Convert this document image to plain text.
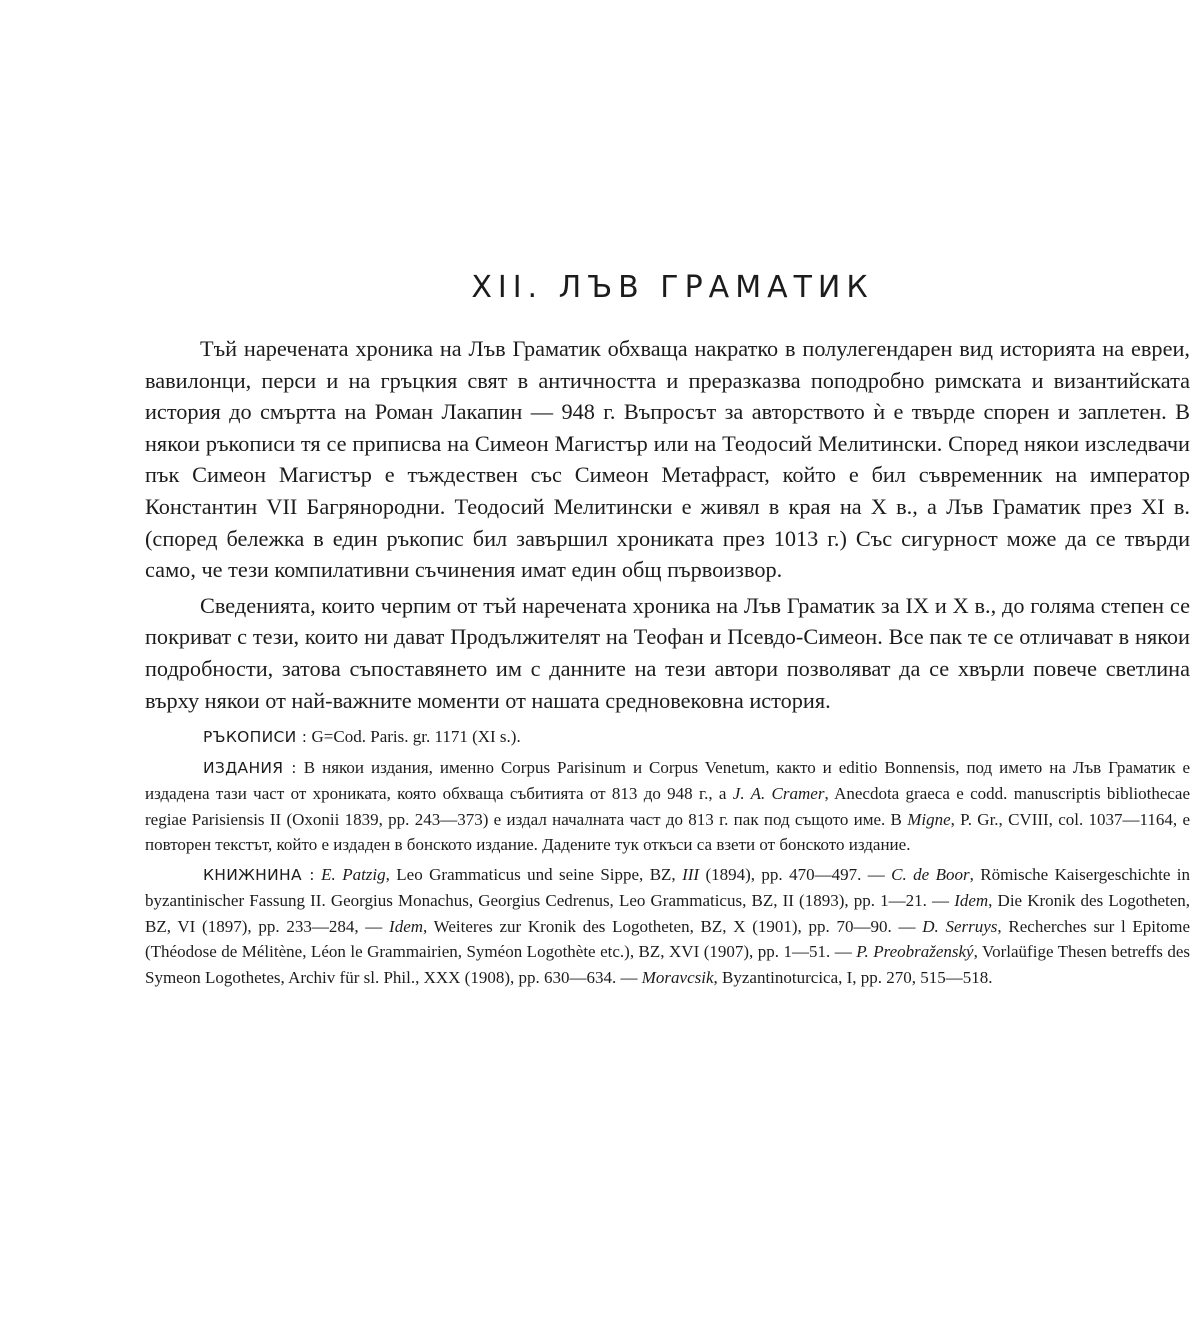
XII. ЛЪВ ГРАМАТИК

Тъй наречената хроника на Лъв Граматик обхваща накратко в полулегендарен вид историята на евреи, вавилонци, перси и на гръцкия свят в античността и преразказва поподробно римската и византийската история до смъртта на Роман Лакапин — 948 г. Въпросът за авторството ѝ е твърде спорен и заплетен. В някои ръкописи тя се приписва на Симеон Магистър или на Теодосий Мелитински. Според някои изследвачи пък Симеон Магистър е тъждествен със Симеон Метафраст, който е бил съвременник на император Константин VII Багрянородни. Теодосий Мелитински е живял в края на X в., а Лъв Граматик през XI в. (според бележка в един ръкопис бил завършил хрониката през 1013 г.) Със сигурност може да се твърди само, че тези компилативни съчинения имат един общ първоизвор.

Сведенията, които черпим от тъй наречената хроника на Лъв Граматик за IX и X в., до голяма степен се покриват с тези, които ни дават Продължителят на Теофан и Псевдо-Симеон. Все пак те се отличават в някои подробности, затова съпоставянето им с данните на тези автори позволяват да се хвърли повече светлина върху някои от най-важните моменти от нашата средновековна история.

РЪКОПИСИ : G=Cod. Paris. gr. 1171 (XI s.).

ИЗДАНИЯ : В някои издания, именно Corpus Parisinum и Corpus Venetum, както и editio Bonnensis, под името на Лъв Граматик е издадена тази част от хрониката, която обхваща събитията от 813 до 948 г., а J. A. Cramer, Anecdota graeca e codd. manuscriptis bibliothecae regiae Parisiensis II (Oxonii 1839, pp. 243—373) е издал началната част до 813 г. пак под същото име. В Migne, P. Gr., CVIII, col. 1037—1164, е повторен текстът, който е издаден в бонското издание. Дадените тук откъси са взети от бонското издание.

КНИЖНИНА : E. Patzig, Leo Grammaticus und seine Sippe, BZ, III (1894), pp. 470—497. — C. de Boor, Römische Kaisergeschichte in byzantinischer Fassung II. Georgius Monachus, Georgius Cedrenus, Leo Grammaticus, BZ, II (1893), pp. 1—21. — Idem, Die Kronik des Logotheten, BZ, VI (1897), pp. 233—284, — Idem, Weiteres zur Kronik des Logotheten, BZ, X (1901), pp. 70—90. — D. Serruys, Recherches sur l Epitome (Théodose de Mélitène, Léon le Grammairien, Syméon Logothète etc.), BZ, XVI (1907), pp. 1—51. — P. Preobraženský, Vorlaüfige Thesen betreffs des Symeon Logothetes, Archiv für sl. Phil., XXX (1908), pp. 630—634. — Moravcsik, Byzantinoturcica, I, pp. 270, 515—518.
